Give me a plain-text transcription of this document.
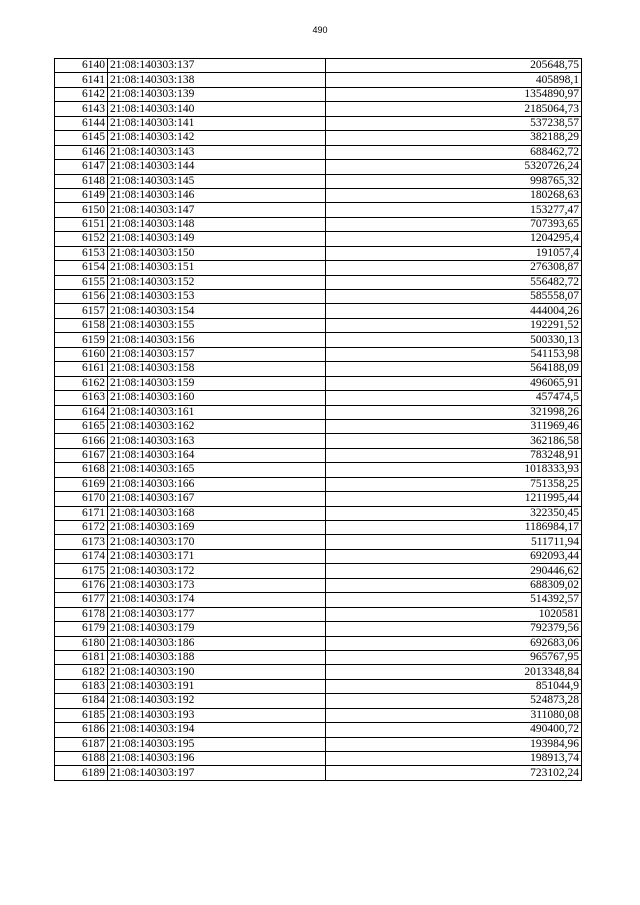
490
6140	21:08:140303:137	205648,75
6141	21:08:140303:138	405898,1
6142	21:08:140303:139	1354890,97
6143	21:08:140303:140	2185064,73
6144	21:08:140303:141	537238,57
6145	21:08:140303:142	382188,29
6146	21:08:140303:143	688462,72
6147	21:08:140303:144	5320726,24
6148	21:08:140303:145	998765,32
6149	21:08:140303:146	180268,63
6150	21:08:140303:147	153277,47
6151	21:08:140303:148	707393,65
6152	21:08:140303:149	1204295,4
6153	21:08:140303:150	191057,4
6154	21:08:140303:151	276308,87
6155	21:08:140303:152	556482,72
6156	21:08:140303:153	585558,07
6157	21:08:140303:154	444004,26
6158	21:08:140303:155	192291,52
6159	21:08:140303:156	500330,13
6160	21:08:140303:157	541153,98
6161	21:08:140303:158	564188,09
6162	21:08:140303:159	496065,91
6163	21:08:140303:160	457474,5
6164	21:08:140303:161	321998,26
6165	21:08:140303:162	311969,46
6166	21:08:140303:163	362186,58
6167	21:08:140303:164	783248,91
6168	21:08:140303:165	1018333,93
6169	21:08:140303:166	751358,25
6170	21:08:140303:167	1211995,44
6171	21:08:140303:168	322350,45
6172	21:08:140303:169	1186984,17
6173	21:08:140303:170	511711,94
6174	21:08:140303:171	692093,44
6175	21:08:140303:172	290446,62
6176	21:08:140303:173	688309,02
6177	21:08:140303:174	514392,57
6178	21:08:140303:177	1020581
6179	21:08:140303:179	792379,56
6180	21:08:140303:186	692683,06
6181	21:08:140303:188	965767,95
6182	21:08:140303:190	2013348,84
6183	21:08:140303:191	851044,9
6184	21:08:140303:192	524873,28
6185	21:08:140303:193	311080,08
6186	21:08:140303:194	490400,72
6187	21:08:140303:195	193984,96
6188	21:08:140303:196	198913,74
6189	21:08:140303:197	723102,24
